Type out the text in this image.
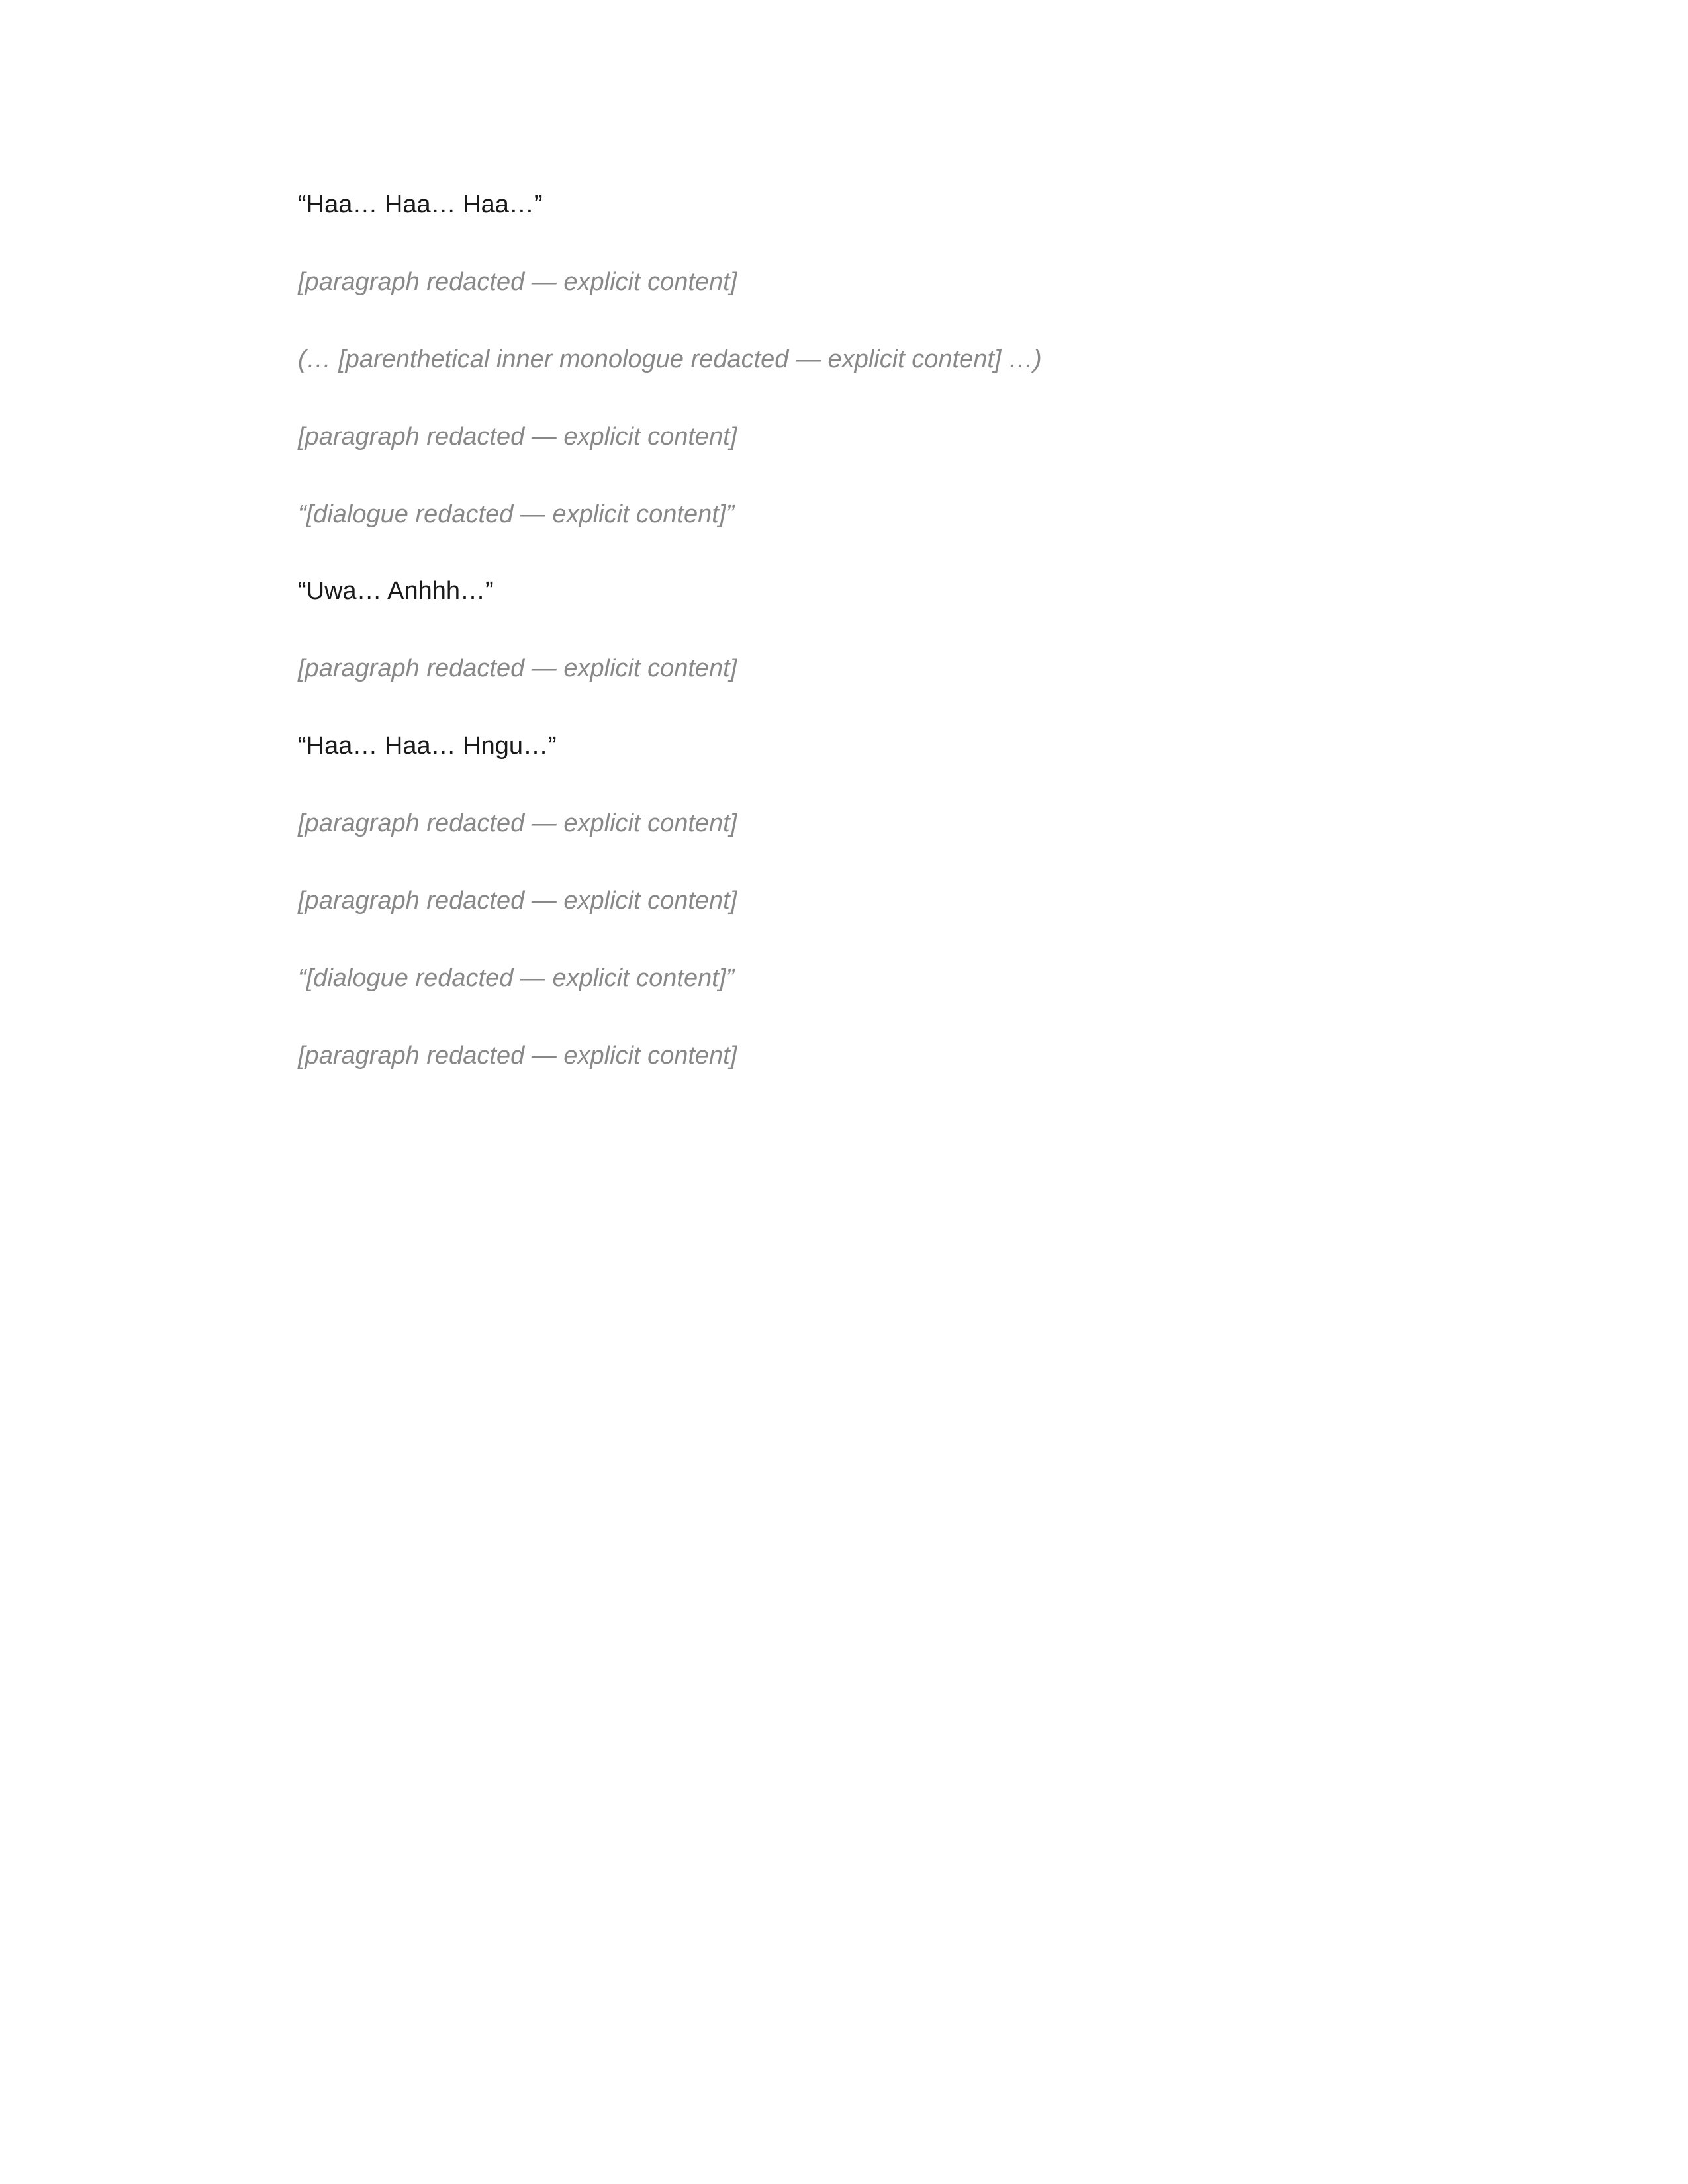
“Haa… Haa… Haa…”

[paragraph redacted — explicit content]

(… [parenthetical inner monologue redacted — explicit content] …)

[paragraph redacted — explicit content]

“[dialogue redacted — explicit content]”

“Uwa… Anhhh…”

[paragraph redacted — explicit content]

“Haa… Haa… Hngu…”

[paragraph redacted — explicit content]

[paragraph redacted — explicit content]

“[dialogue redacted — explicit content]”

[paragraph redacted — explicit content]
